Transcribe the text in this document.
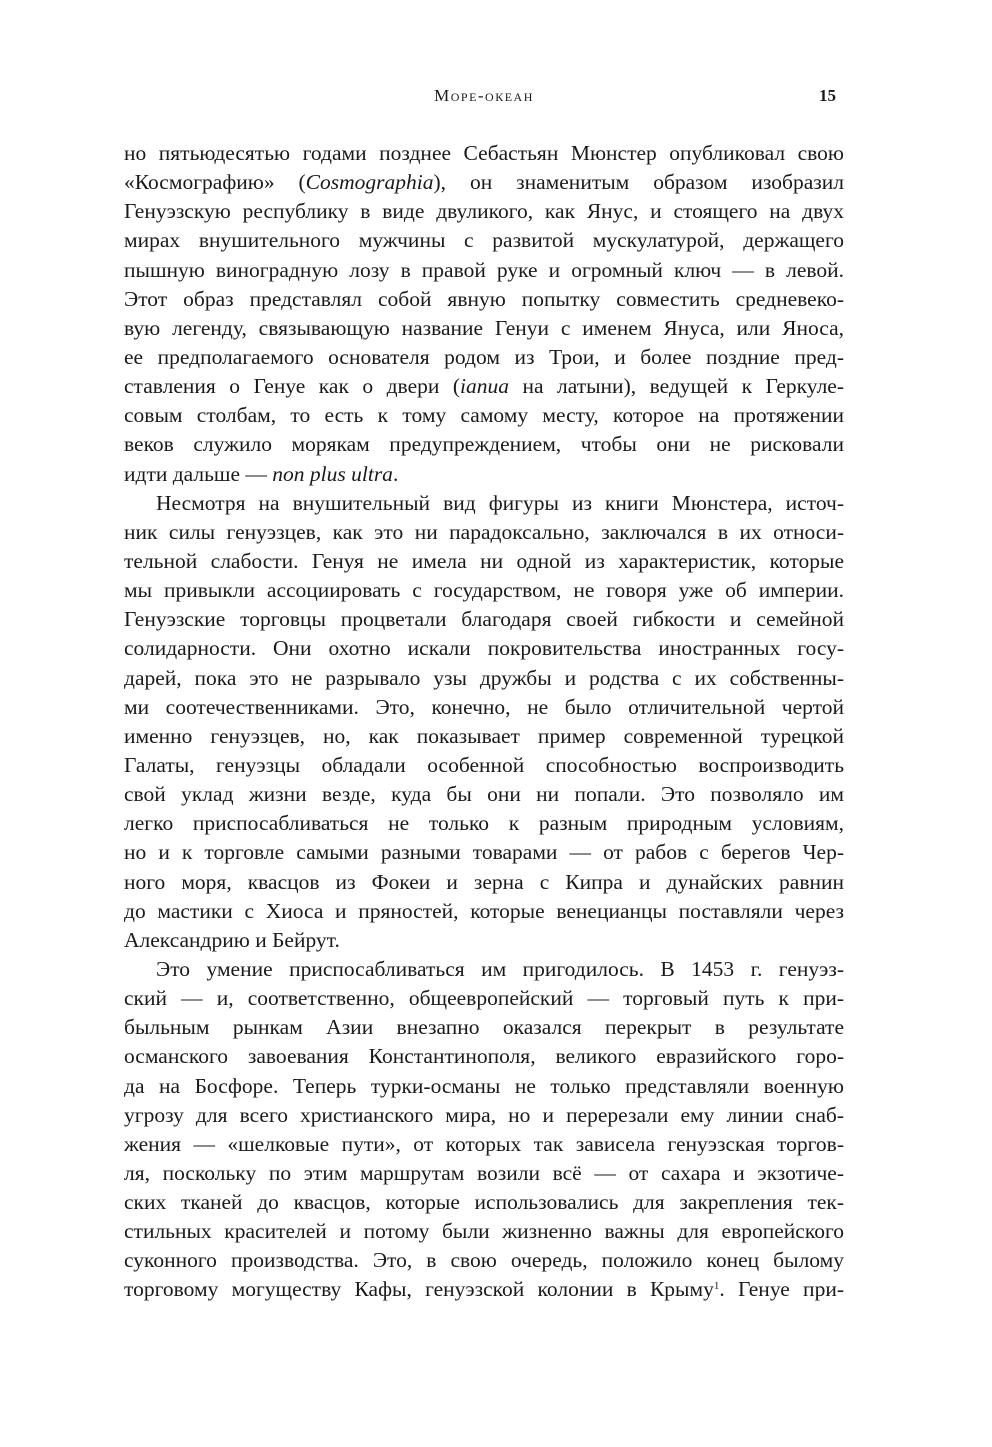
Море-океан	15
но пятьюдесятью годами позднее Себастьян Мюнстер опубликовал свою
«Космографию» (Cosmographia), он знаменитым образом изобразил
Генуэзскую республику в виде двуликого, как Янус, и стоящего на двух
мирах внушительного мужчины с развитой мускулатурой, держащего
пышную виноградную лозу в правой руке и огромный ключ — в левой.
Этот образ представлял собой явную попытку совместить средневеко-
вую легенду, связывающую название Генуи с именем Януса, или Яноса,
ее предполагаемого основателя родом из Трои, и более поздние пред-
ставления о Генуе как о двери (ianua на латыни), ведущей к Геркуле-
совым столбам, то есть к тому самому месту, которое на протяжении
веков служило морякам предупреждением, чтобы они не рисковали
идти дальше — non plus ultra.
Несмотря на внушительный вид фигуры из книги Мюнстера, источ-
ник силы генуэзцев, как это ни парадоксально, заключался в их относи-
тельной слабости. Генуя не имела ни одной из характеристик, которые
мы привыкли ассоциировать с государством, не говоря уже об империи.
Генуэзские торговцы процветали благодаря своей гибкости и семейной
солидарности. Они охотно искали покровительства иностранных госу-
дарей, пока это не разрывало узы дружбы и родства с их собственны-
ми соотечественниками. Это, конечно, не было отличительной чертой
именно генуэзцев, но, как показывает пример современной турецкой
Галаты, генуэзцы обладали особенной способностью воспроизводить
свой уклад жизни везде, куда бы они ни попали. Это позволяло им
легко приспосабливаться не только к разным природным условиям,
но и к торговле самыми разными товарами — от рабов с берегов Чер-
ного моря, квасцов из Фокеи и зерна с Кипра и дунайских равнин
до мастики с Хиоса и пряностей, которые венецианцы поставляли через
Александрию и Бейрут.
Это умение приспосабливаться им пригодилось. В 1453 г. генуэз-
ский — и, соответственно, общеевропейский — торговый путь к при-
быльным рынкам Азии внезапно оказался перекрыт в результате
османского завоевания Константинополя, великого евразийского горо-
да на Босфоре. Теперь турки-османы не только представляли военную
угрозу для всего христианского мира, но и перерезали ему линии снаб-
жения — «шелковые пути», от которых так зависела генуэзская торгов-
ля, поскольку по этим маршрутам возили всё — от сахара и экзотиче-
ских тканей до квасцов, которые использовались для закрепления тек-
стильных красителей и потому были жизненно важны для европейского
суконного производства. Это, в свою очередь, положило конец былому
торговому могуществу Кафы, генуэзской колонии в Крыму$^1$. Генуе при-
